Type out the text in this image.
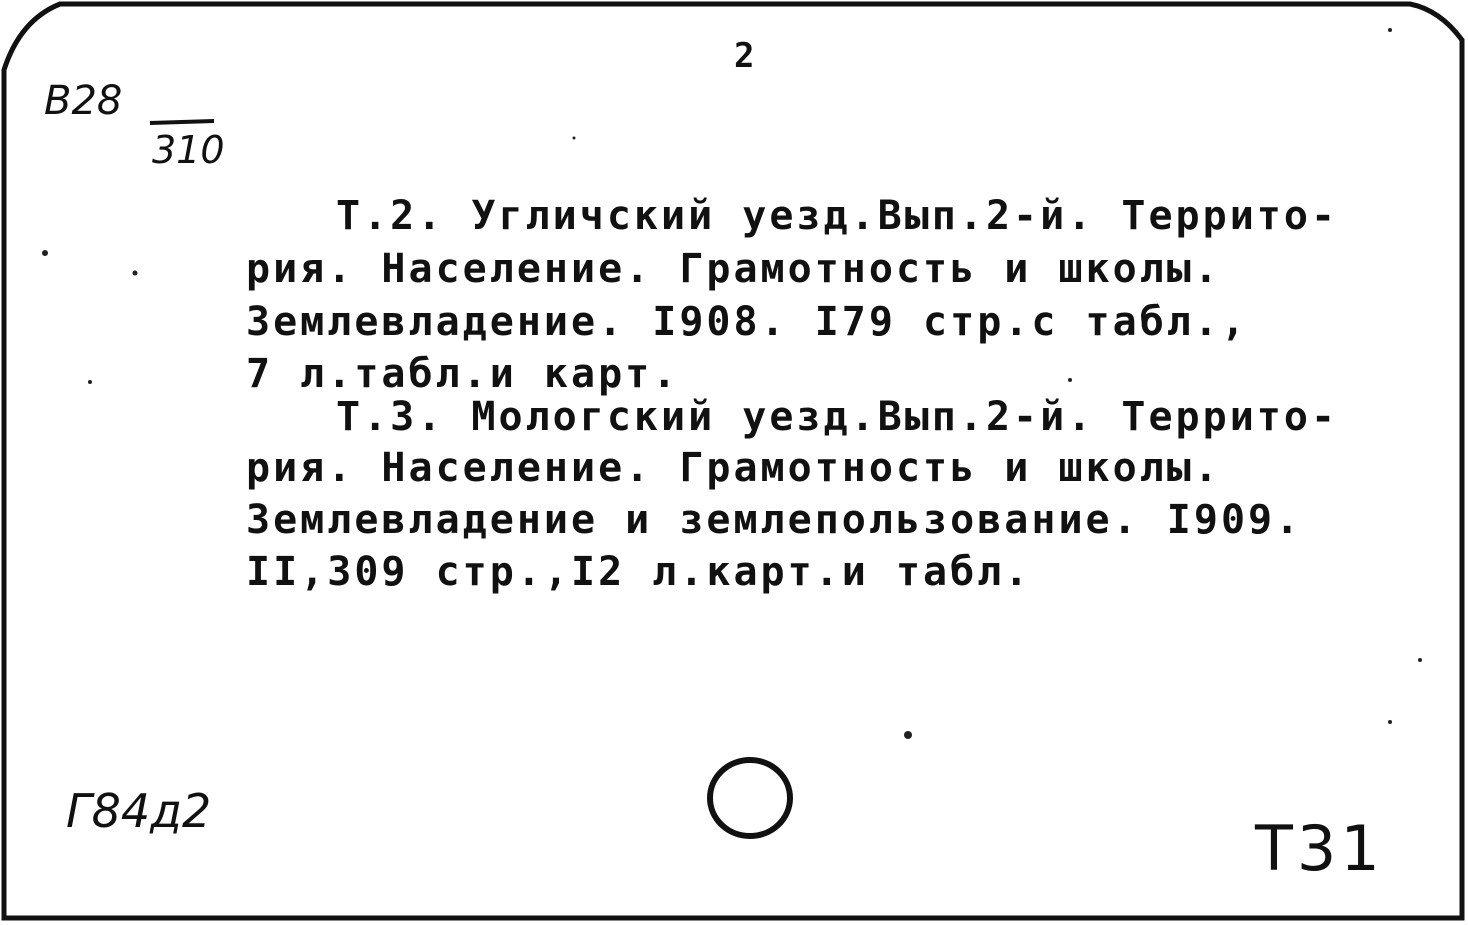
2
В28
310
Т.2. Угличский уезд.Вып.2-й. Террито-
рия. Население. Грамотность и школы.
Землевладение. I908. I79 стр.с табл.,
7 л.табл.и карт.
Т.3. Мологский уезд.Вып.2-й. Террито-
рия. Население. Грамотность и школы.
Землевладение и землепользование. I909.
II,309 стр.,I2 л.карт.и табл.
Г84д2
Т31
